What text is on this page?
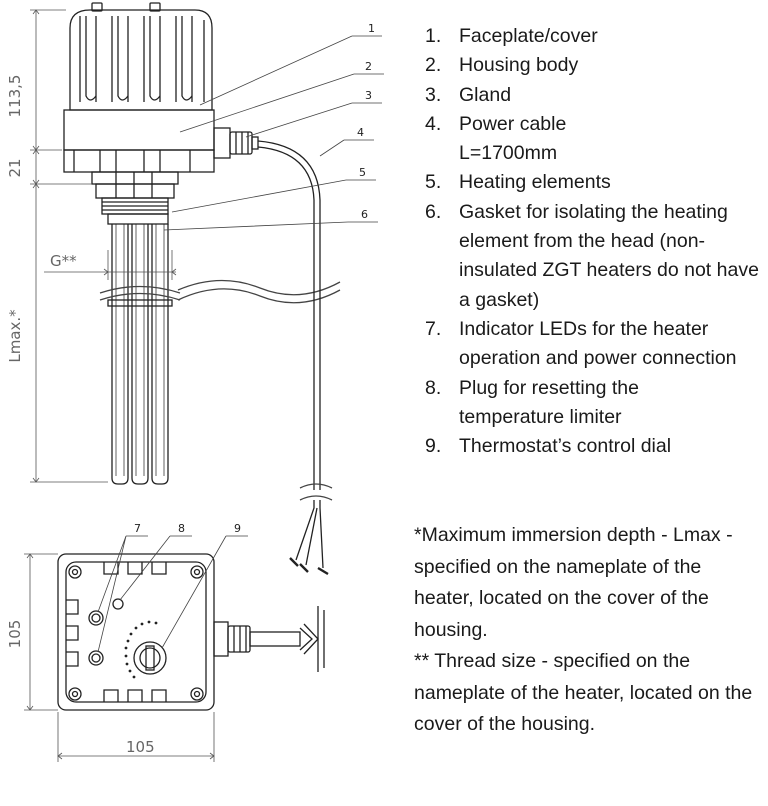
113,5
21
G**
Lmax.*
105
105
1
2
3
4
5
6
7	8	9
1. Faceplate/cover
2. Housing body
3. Gland
4. Power cable L=1700mm
5. Heating elements
6. Gasket for isolating the heating element from the head (non-insulated ZGT heaters do not have a gasket)
7. Indicator LEDs for the heater operation and power connection
8. Plug for resetting the temperature limiter
9. Thermostat’s control dial

*Maximum immersion depth - Lmax - specified on the nameplate of the heater, located on the cover of the housing.

** Thread size - specified on the nameplate of the heater, located on the cover of the housing.
